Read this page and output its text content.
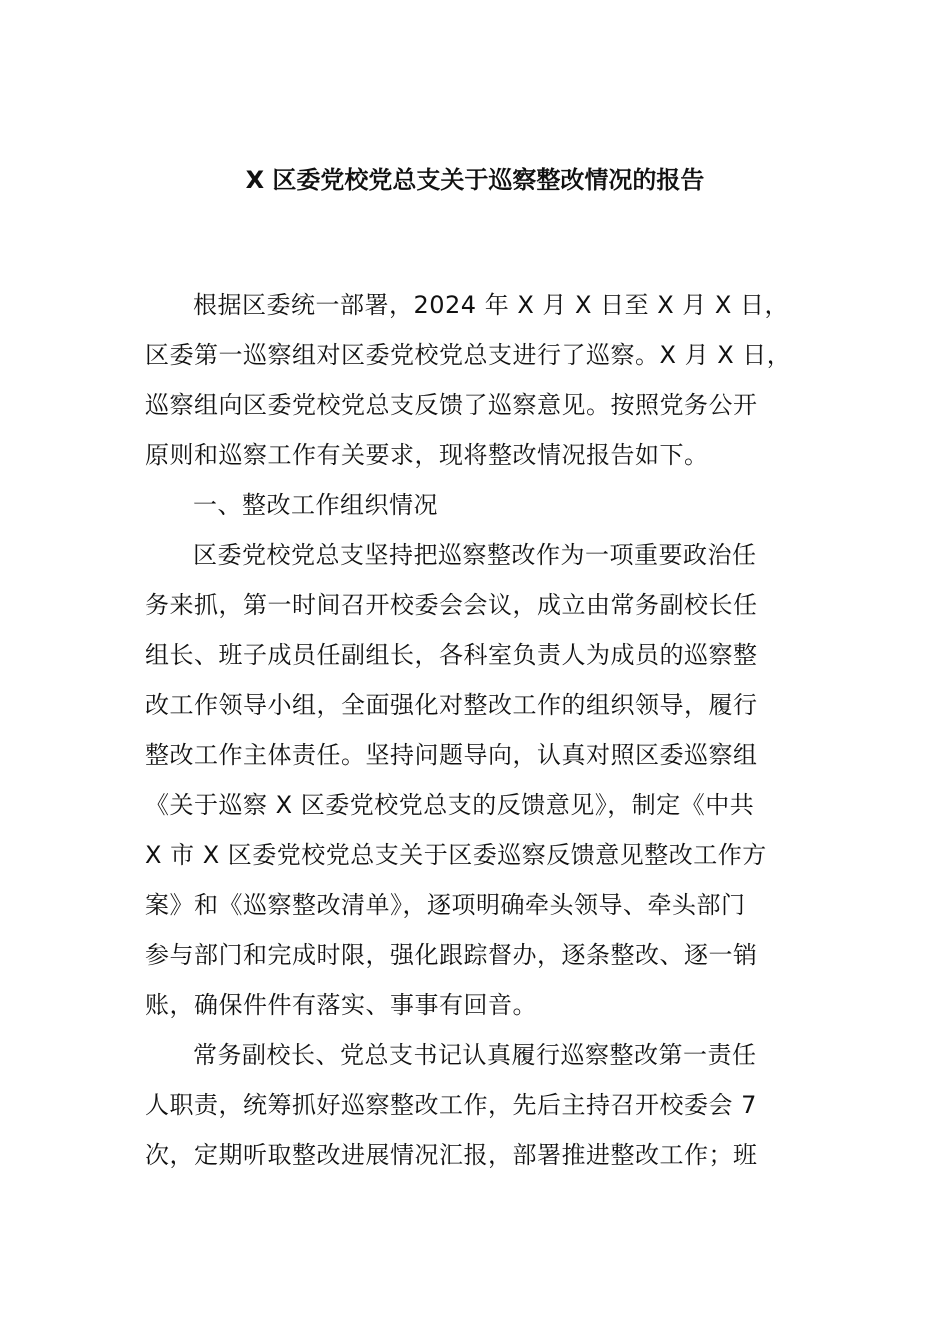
X 区委党校党总支关于巡察整改情况的报告
根据区委统一部署，2024 年 X 月 X 日至 X 月 X 日，
区委第一巡察组对区委党校党总支进行了巡察。X 月 X 日，
巡察组向区委党校党总支反馈了巡察意见。按照党务公开
原则和巡察工作有关要求，现将整改情况报告如下。
一、整改工作组织情况
区委党校党总支坚持把巡察整改作为一项重要政治任
务来抓，第一时间召开校委会会议，成立由常务副校长任
组长、班子成员任副组长，各科室负责人为成员的巡察整
改工作领导小组，全面强化对整改工作的组织领导，履行
整改工作主体责任。坚持问题导向，认真对照区委巡察组
《关于巡察 X 区委党校党总支的反馈意见》，制定《中共
X 市 X 区委党校党总支关于区委巡察反馈意见整改工作方
案》和《巡察整改清单》，逐项明确牵头领导、牵头部门
参与部门和完成时限，强化跟踪督办，逐条整改、逐一销
账，确保件件有落实、事事有回音。
常务副校长、党总支书记认真履行巡察整改第一责任
人职责，统筹抓好巡察整改工作，先后主持召开校委会 7
次，定期听取整改进展情况汇报，部署推进整改工作；班
